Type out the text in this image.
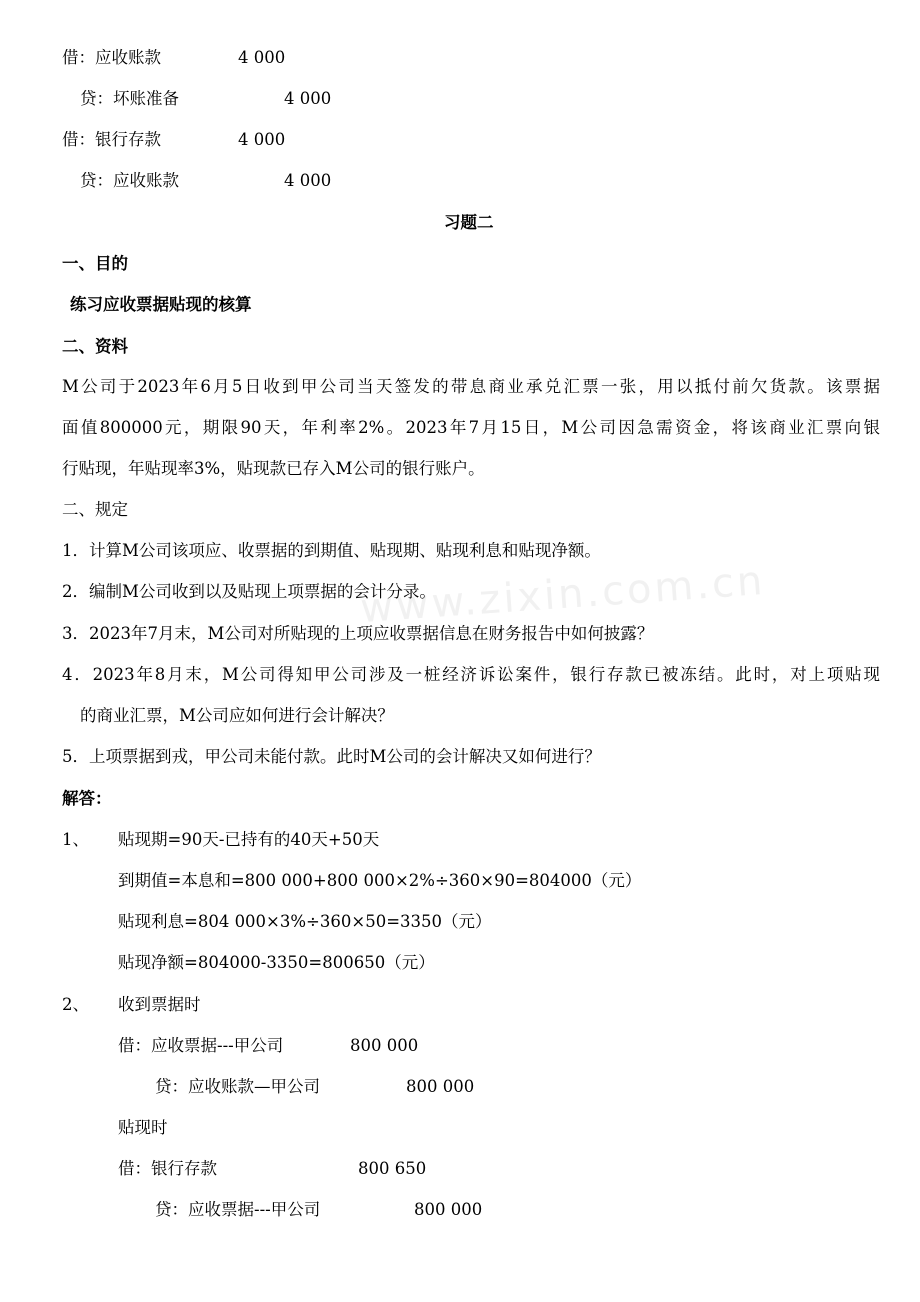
www.zixin.com.cn
借：应收账款	4 000
贷：坏账准备	4 000
借：银行存款	4 000
贷：应收账款	4 000
习题二
一、目的
练习应收票据贴现的核算
二、资料
M公司于2023年6月5日收到甲公司当天签发的带息商业承兑汇票一张，用以抵付前欠货款。该票据
面值800000元，期限90天，年利率2%。2023年7月15日，M公司因急需资金，将该商业汇票向银
行贴现，年贴现率3%，贴现款已存入M公司的银行账户。
二、规定
1．计算M公司该项应、收票据的到期值、贴现期、贴现利息和贴现净额。
2．编制M公司收到以及贴现上项票据的会计分录。
3．2023年7月末，M公司对所贴现的上项应收票据信息在财务报告中如何披露？
4．2023年8月末，M公司得知甲公司涉及一桩经济诉讼案件，银行存款已被冻结。此时，对上项贴现
的商业汇票，M公司应如何进行会计解决？
5．上项票据到戎，甲公司未能付款。此时M公司的会计解决又如何进行？
解答：
1、 贴现期=90天-已持有的40天+50天
到期值=本息和=800 000+800 000×2%÷360×90=804000（元）
贴现利息=804 000×3%÷360×50=3350（元）
贴现净额=804000-3350=800650（元）
2、 收到票据时
借：应收票据---甲公司	800 000
贷：应收账款—甲公司	800 000
贴现时
借：银行存款	800 650
贷：应收票据---甲公司	800 000
